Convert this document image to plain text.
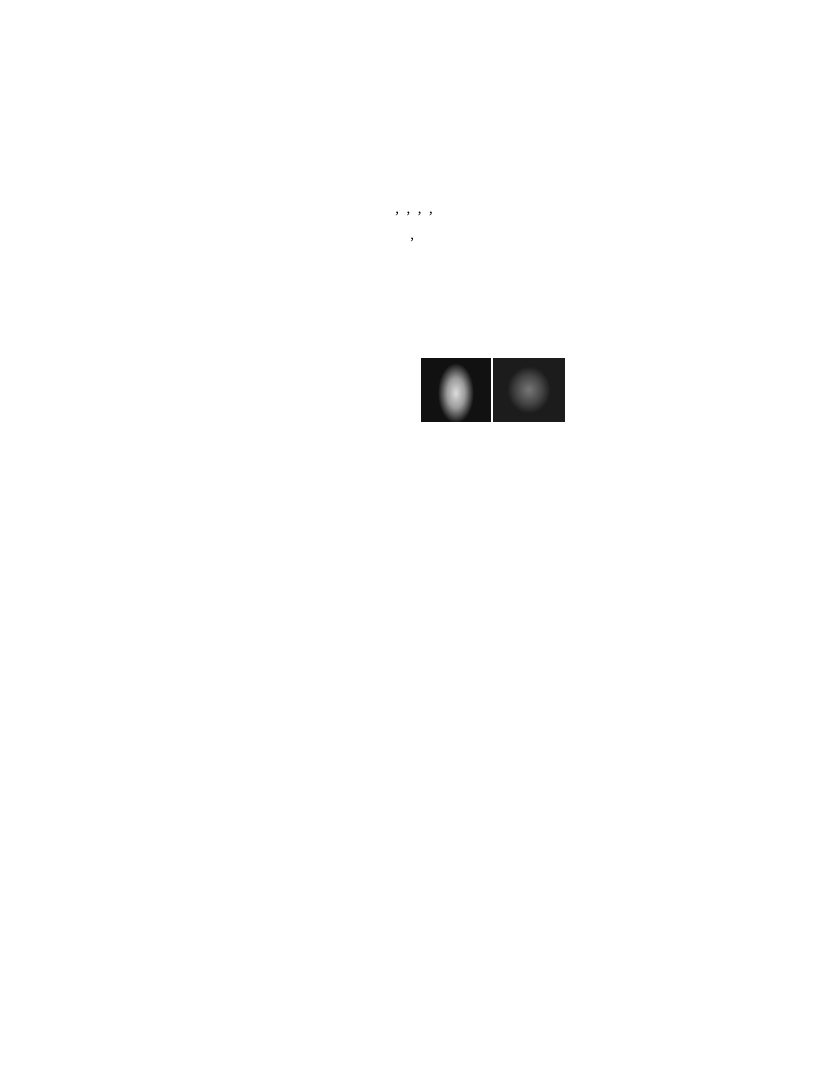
,  ,  ,  ,
,
